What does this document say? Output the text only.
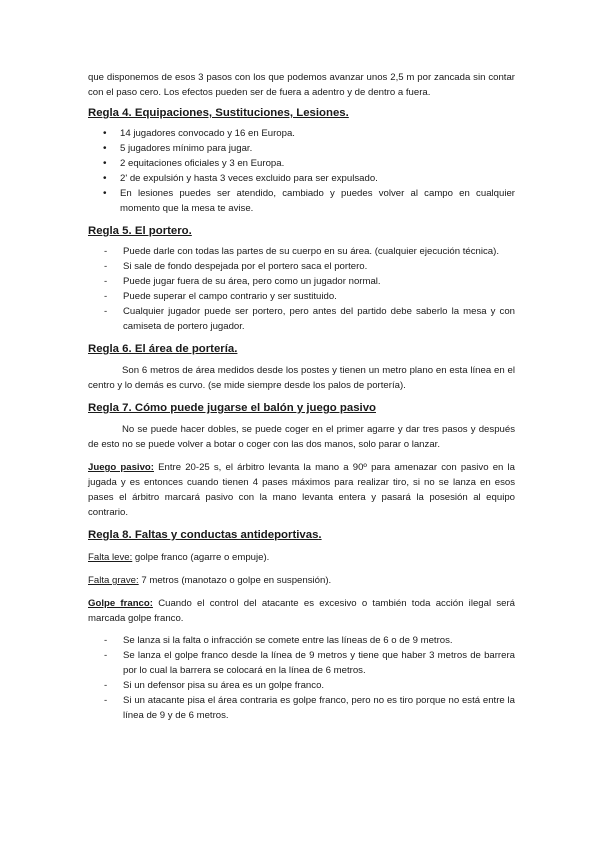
que disponemos de esos 3 pasos con los que podemos avanzar unos 2,5 m por zancada sin contar con el paso cero. Los efectos pueden ser de fuera a adentro y de dentro a fuera.

Regla 4. Equipaciones, Sustituciones, Lesiones.
• 14 jugadores convocado y 16 en Europa.
• 5 jugadores mínimo para jugar.
• 2 equitaciones oficiales y 3 en Europa.
• 2' de expulsión y hasta 3 veces excluido para ser expulsado.
• En lesiones puedes ser atendido, cambiado y puedes volver al campo en cualquier momento que la mesa te avise.
Regla 5. El portero.
- Puede darle con todas las partes de su cuerpo en su área. (cualquier ejecución técnica).
- Si sale de fondo despejada por el portero saca el portero.
- Puede jugar fuera de su área, pero como un jugador normal.
- Puede superar el campo contrario y ser sustituido.
- Cualquier jugador puede ser portero, pero antes del partido debe saberlo la mesa y con camiseta de portero jugador.
Regla 6. El área de portería.

Son 6 metros de área medidos desde los postes y tienen un metro plano en esta línea en el centro y lo demás es curvo. (se mide siempre desde los palos de portería).

Regla 7. Cómo puede jugarse el balón y juego pasivo

No se puede hacer dobles, se puede coger en el primer agarre y dar tres pasos y después de esto no se puede volver a botar o coger con las dos manos, solo parar o lanzar.

Juego pasivo: Entre 20-25 s, el árbitro levanta la mano a 90º para amenazar con pasivo en la jugada y es entonces cuando tienen 4 pases máximos para realizar tiro, si no se lanza en esos pases el árbitro marcará pasivo con la mano levanta entera y pasará la posesión al equipo contrario.

Regla 8. Faltas y conductas antideportivas.

Falta leve: golpe franco (agarre o empuje).

Falta grave: 7 metros (manotazo o golpe en suspensión).

Golpe franco: Cuando el control del atacante es excesivo o también toda acción ilegal será marcada golpe franco.

- Se lanza si la falta o infracción se comete entre las líneas de 6 o de 9 metros.
- Se lanza el golpe franco desde la línea de 9 metros y tiene que haber 3 metros de barrera por lo cual la barrera se colocará en la línea de 6 metros.
- Si un defensor pisa su área es un golpe franco.
- Si un atacante pisa el área contraria es golpe franco, pero no es tiro porque no está entre la línea de 9 y de 6 metros.
